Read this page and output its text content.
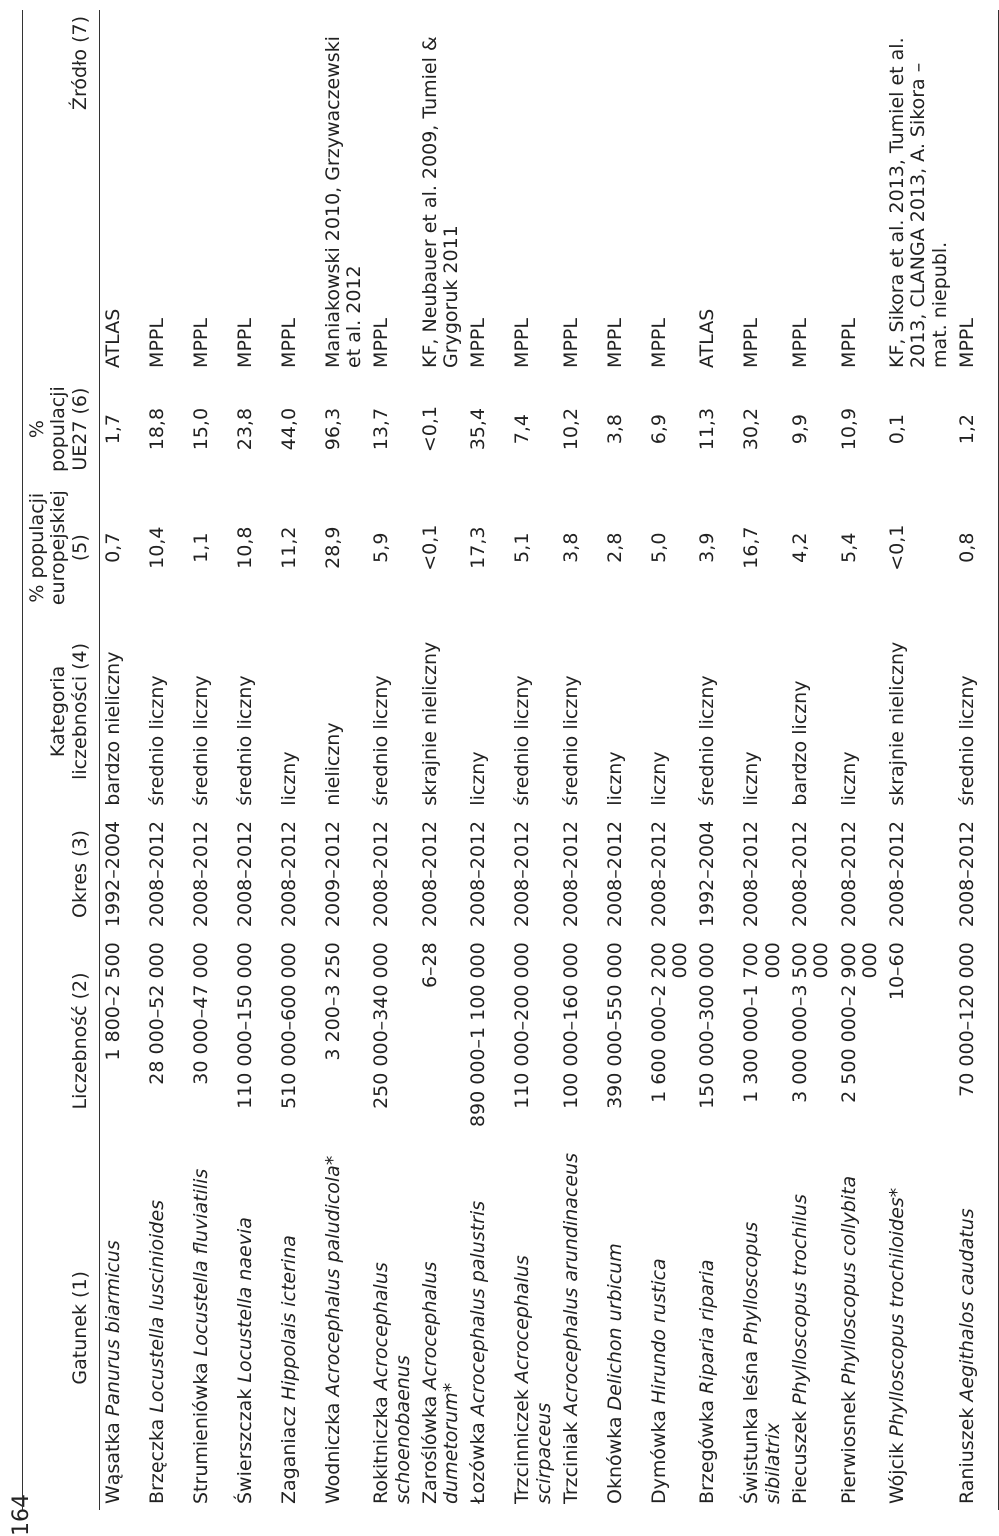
164
Gatunek (1)	Liczebność (2)	Okres (3)	Kategoria liczebności (4)	% populacji europejskiej (5)	% populacji UE27 (6)	Źródło (7)
Wąsatka Panurus biarmicus	1 800–2 500	1992–2004	bardzo nieliczny	0,7	1,7	ATLAS
Brzęczka Locustella luscinioides	28 000–52 000	2008–2012	średnio liczny	10,4	18,8	MPPL
Strumieniówka Locustella fluviatilis	30 000–47 000	2008–2012	średnio liczny	1,1	15,0	MPPL
Świerszczak Locustella naevia	110 000–150 000	2008–2012	średnio liczny	10,8	23,8	MPPL
Zaganiacz Hippolais icterina	510 000–600 000	2008–2012	liczny	11,2	44,0	MPPL
Wodniczka Acrocephalus paludicola*	3 200–3 250	2009–2012	nieliczny	28,9	96,3	Maniakowski 2010, Grzywaczewski et al. 2012
Rokitniczka Acrocephalus schoenobaenus	250 000–340 000	2008–2012	średnio liczny	5,9	13,7	MPPL
Zaroślówka Acrocephalus dumetorum*	6–28	2008–2012	skrajnie nieliczny	<0,1	<0,1	KF, Neubauer et al. 2009, Tumiel & Grygoruk 2011
Łozówka Acrocephalus palustris	890 000–1 100 000	2008–2012	liczny	17,3	35,4	MPPL
Trzcinniczek Acrocephalus scirpaceus	110 000–200 000	2008–2012	średnio liczny	5,1	7,4	MPPL
Trzciniak Acrocephalus arundinaceus	100 000–160 000	2008–2012	średnio liczny	3,8	10,2	MPPL
Oknówka Delichon urbicum	390 000–550 000	2008–2012	liczny	2,8	3,8	MPPL
Dymówka Hirundo rustica	1 600 000–2 200 000	2008–2012	liczny	5,0	6,9	MPPL
Brzegówka Riparia riparia	150 000–300 000	1992–2004	średnio liczny	3,9	11,3	ATLAS
Świstunka leśna Phylloscopus sibilatrix	1 300 000–1 700 000	2008–2012	liczny	16,7	30,2	MPPL
Piecuszek Phylloscopus trochilus	3 000 000–3 500 000	2008–2012	bardzo liczny	4,2	9,9	MPPL
Pierwiosnek Phylloscopus collybita	2 500 000–2 900 000	2008–2012	liczny	5,4	10,9	MPPL
Wójcik Phylloscopus trochiloides*	10–60	2008–2012	skrajnie nieliczny	<0,1	0,1	KF, Sikora et al. 2013, Tumiel et al. 2013, CLANGA 2013, A. Sikora – mat. niepubl.
Raniuszek Aegithalos caudatus	70 000–120 000	2008–2012	średnio liczny	0,8	1,2	MPPL
